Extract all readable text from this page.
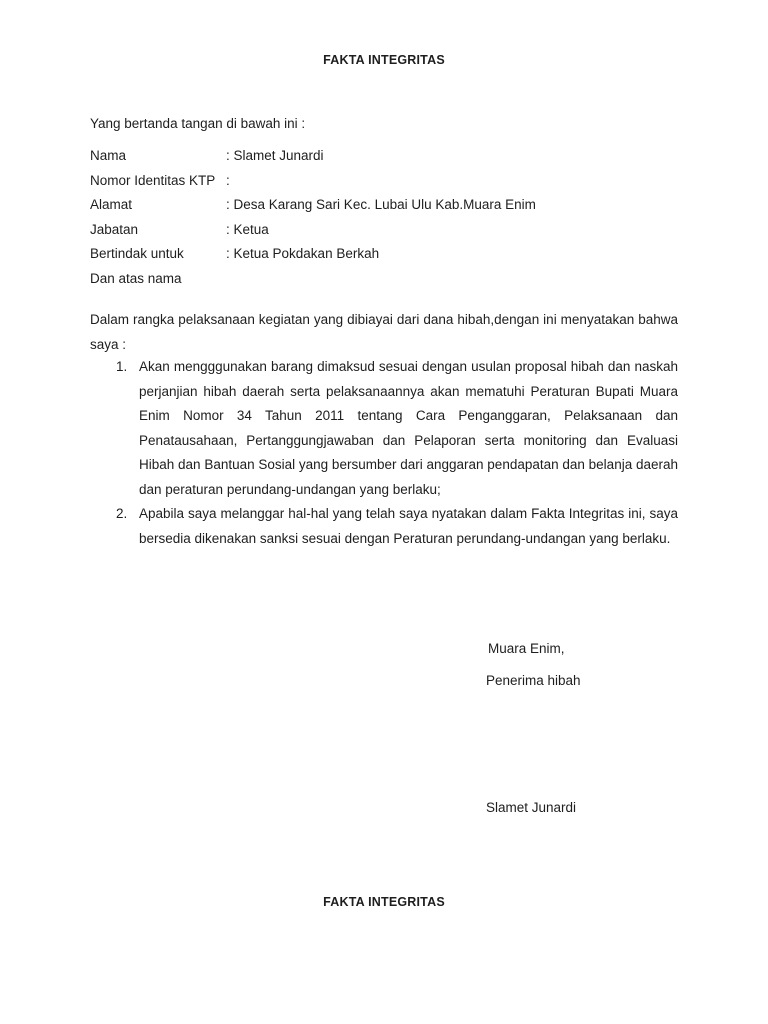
FAKTA INTEGRITAS
Yang bertanda tangan di bawah ini :
Nama	: Slamet Junardi
Nomor Identitas KTP :
Alamat	: Desa Karang Sari Kec. Lubai Ulu Kab.Muara Enim
Jabatan	: Ketua
Bertindak untuk	: Ketua Pokdakan Berkah
Dan atas nama
Dalam rangka pelaksanaan kegiatan yang dibiayai dari dana hibah,dengan ini menyatakan bahwa saya :
1. Akan mengggunakan barang dimaksud sesuai dengan usulan proposal hibah dan naskah perjanjian hibah daerah serta pelaksanaannya akan mematuhi Peraturan Bupati Muara Enim Nomor 34 Tahun 2011 tentang Cara Penganggaran, Pelaksanaan dan Penatausahaan, Pertanggungjawaban dan Pelaporan serta monitoring dan Evaluasi Hibah dan Bantuan Sosial yang bersumber dari anggaran pendapatan dan belanja daerah dan peraturan perundang-undangan yang berlaku;
2. Apabila saya melanggar hal-hal yang telah saya nyatakan dalam Fakta Integritas ini, saya bersedia dikenakan sanksi sesuai dengan Peraturan perundang-undangan yang berlaku.
Muara Enim,
Penerima hibah
Slamet Junardi
FAKTA INTEGRITAS
